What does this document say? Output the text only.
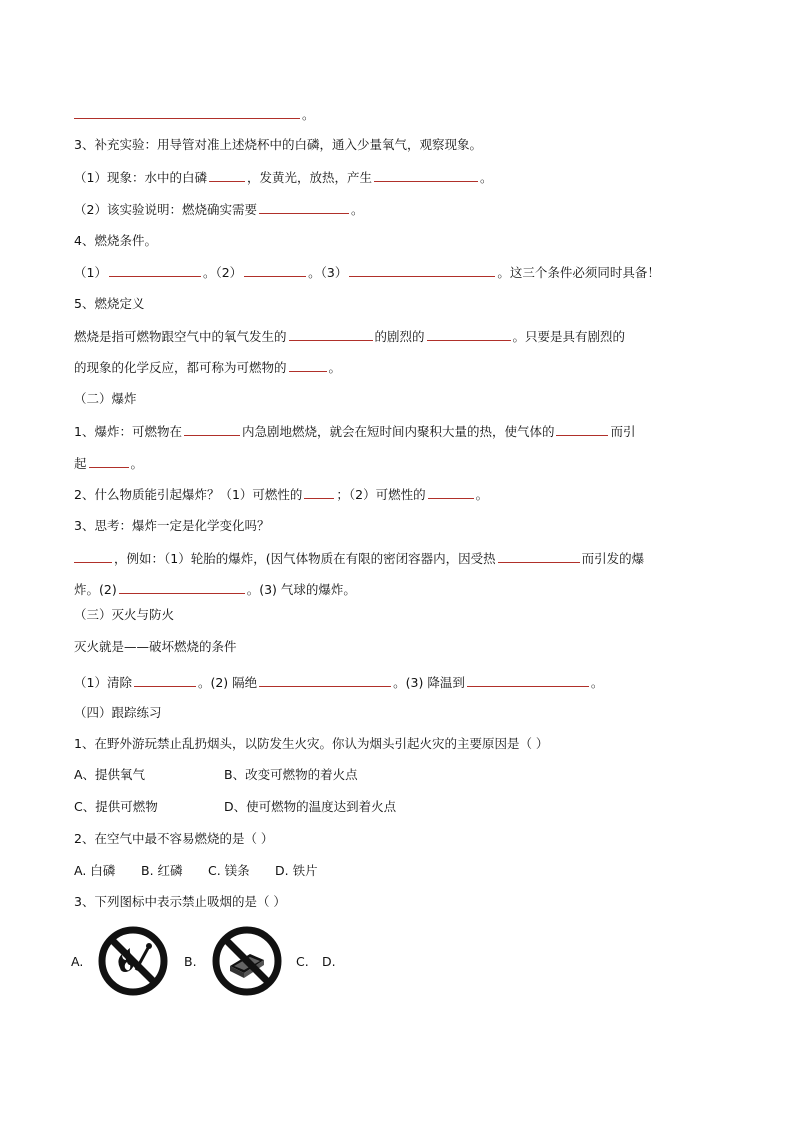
。
3、补充实验：用导管对准上述烧杯中的白磷，通入少量氧气，观察现象。
（1）现象：水中的白磷	，发黄光，放热，产生	。
（2）该实验说明：燃烧确实需要	。
4、燃烧条件。
（1）	。（2）	。（3）	。这三个条件必须同时具备！
5、燃烧定义
燃烧是指可燃物跟空气中的氧气发生的	的剧烈的	。只要是具有剧烈的
的现象的化学反应，都可称为可燃物的	。
（二）爆炸
1、爆炸：可燃物在	内急剧地燃烧，就会在短时间内聚积大量的热，使气体的	而引
起	。
2、什么物质能引起爆炸？（1）可燃性的	；（2）可燃性的	。
3、思考：爆炸一定是化学变化吗？
，例如：（1）轮胎的爆炸，(因气体物质在有限的密闭容器内，因受热	而引发的爆
炸。(2)	。(3) 气球的爆炸。
（三）灭火与防火
灭火就是——破坏燃烧的条件
（1）清除	。(2) 隔绝	。(3) 降温到	。
（四）跟踪练习
1、在野外游玩禁止乱扔烟头，以防发生火灾。你认为烟头引起火灾的主要原因是（ ）
A、提供氧气	B、改变可燃物的着火点
C、提供可燃物	D、使可燃物的温度达到着火点
2、在空气中最不容易燃烧的是（ ）
A. 白磷 B. 红磷 C. 镁条 D. 铁片
3、下列图标中表示禁止吸烟的是（ ）
A.	B.	C. D.
